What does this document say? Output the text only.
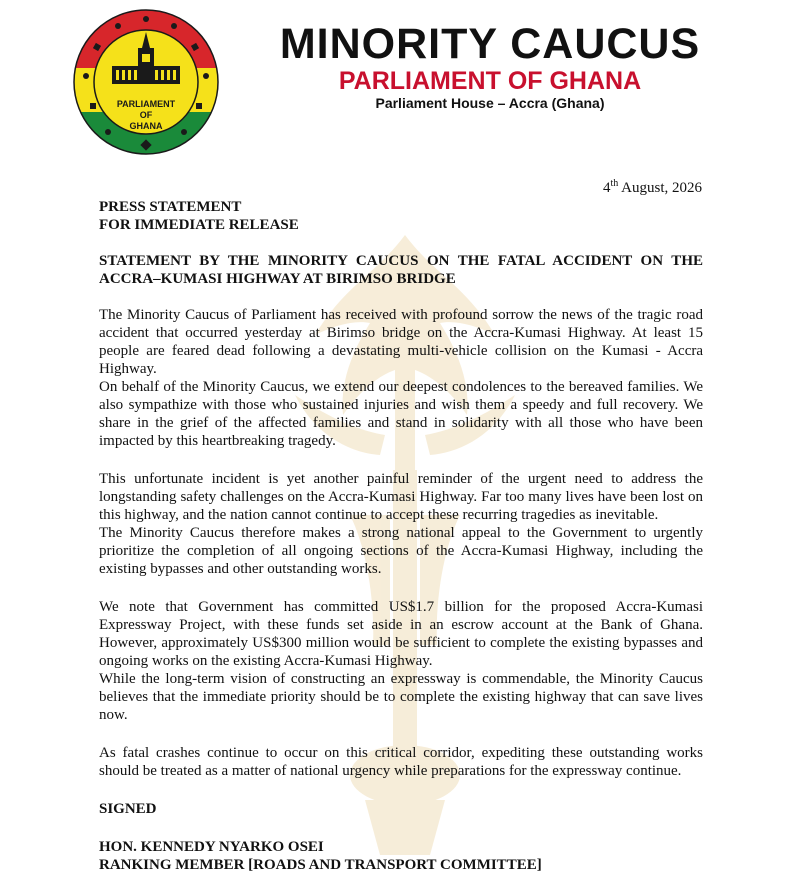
PARLIAMENT
OF
GHANA
MINORITY CAUCUS
PARLIAMENT OF GHANA
Parliament House – Accra (Ghana)
4th August, 2026

PRESS STATEMENT

FOR IMMEDIATE RELEASE

STATEMENT BY THE MINORITY CAUCUS ON THE FATAL ACCIDENT ON THE ACCRA–KUMASI HIGHWAY AT BIRIMSO BRIDGE

The Minority Caucus of Parliament has received with profound sorrow the news of the tragic road accident that occurred yesterday at Birimso bridge on the Accra-Kumasi Highway. At least 15 people are feared dead following a devastating multi-vehicle collision on the Kumasi - Accra Highway.

On behalf of the Minority Caucus, we extend our deepest condolences to the bereaved families. We also sympathize with those who sustained injuries and wish them a speedy and full recovery. We share in the grief of the affected families and stand in solidarity with all those who have been impacted by this heartbreaking tragedy.

This unfortunate incident is yet another painful reminder of the urgent need to address the longstanding safety challenges on the Accra-Kumasi Highway. Far too many lives have been lost on this highway, and the nation cannot continue to accept these recurring tragedies as inevitable.

The Minority Caucus therefore makes a strong national appeal to the Government to urgently prioritize the completion of all ongoing sections of the Accra-Kumasi Highway, including the existing bypasses and other outstanding works.

We note that Government has committed US$1.7 billion for the proposed Accra-Kumasi Expressway Project, with these funds set aside in an escrow account at the Bank of Ghana. However, approximately US$300 million would be sufficient to complete the existing bypasses and ongoing works on the existing Accra-Kumasi Highway.

While the long-term vision of constructing an expressway is commendable, the Minority Caucus believes that the immediate priority should be to complete the existing highway that can save lives now.

As fatal crashes continue to occur on this critical corridor, expediting these outstanding works should be treated as a matter of national urgency while preparations for the expressway continue.

SIGNED

HON. KENNEDY NYARKO OSEI

RANKING MEMBER [ROADS AND TRANSPORT COMMITTEE]
